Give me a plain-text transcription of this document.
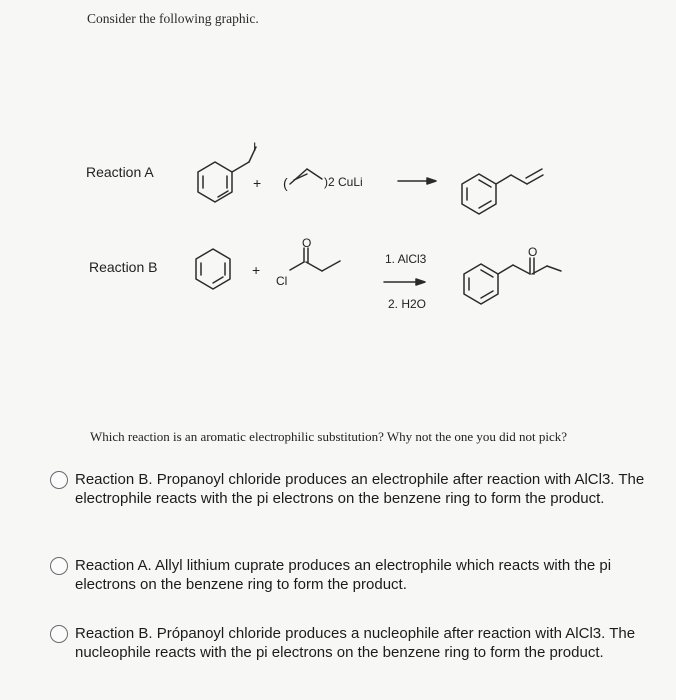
Consider the following graphic.
Reaction A
I
+ (	)2 CuLi
Reaction B	+
Cl
O
1. AlCl3
2. H2O
O
Which reaction is an aromatic electrophilic substitution? Why not the one you did not pick?
Reaction B. Propanoyl chloride produces an electrophile after reaction with AlCl3. The electrophile reacts with the pi electrons on the benzene ring to form the product.
Reaction A. Allyl lithium cuprate produces an electrophile which reacts with the pi electrons on the benzene ring to form the product.
Reaction B. Própanoyl chloride produces a nucleophile after reaction with AlCl3. The nucleophile reacts with the pi electrons on the benzene ring to form the product.
